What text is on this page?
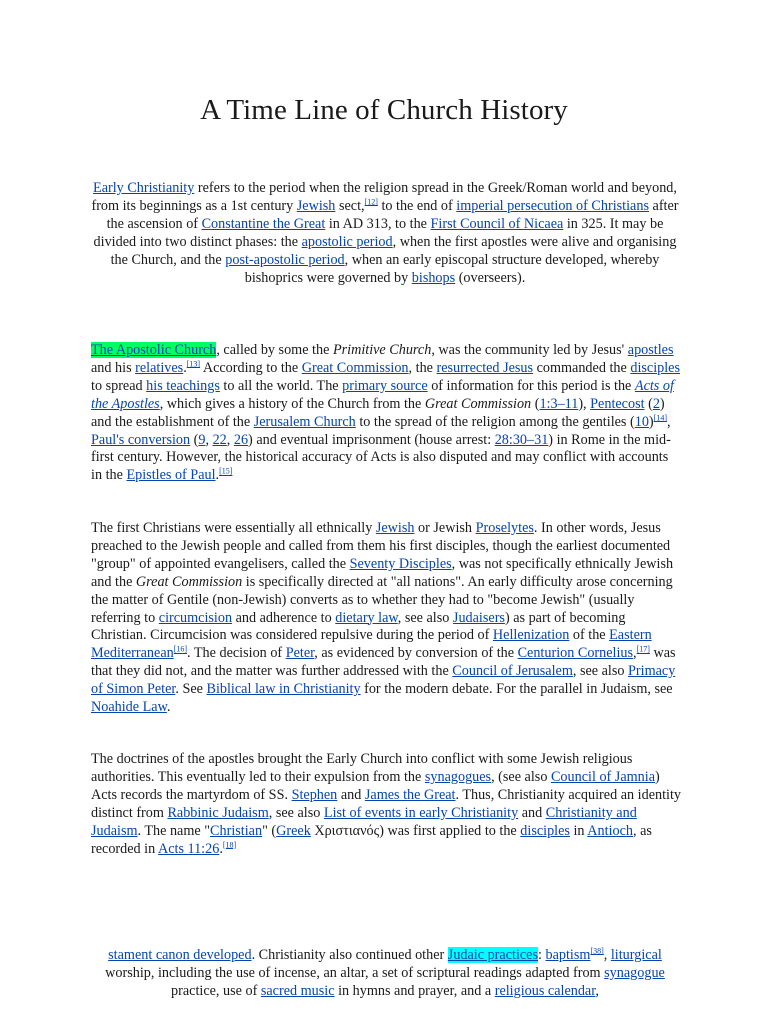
A Time Line of Church History

Early Christianity refers to the period when the religion spread in the Greek/Roman world and beyond, from its beginnings as a 1st century Jewish sect,[12] to the end of imperial persecution of Christians after the ascension of Constantine the Great in AD 313, to the First Council of Nicaea in 325. It may be divided into two distinct phases: the apostolic period, when the first apostles were alive and organising the Church, and the post-apostolic period, when an early episcopal structure developed, whereby bishoprics were governed by bishops (overseers).

The Apostolic Church, called by some the Primitive Church, was the community led by Jesus' apostles and his relatives.[13] According to the Great Commission, the resurrected Jesus commanded the disciples to spread his teachings to all the world. The primary source of information for this period is the Acts of the Apostles, which gives a history of the Church from the Great Commission (1:3–11), Pentecost (2) and the establishment of the Jerusalem Church to the spread of the religion among the gentiles (10)[14], Paul's conversion (9, 22, 26) and eventual imprisonment (house arrest: 28:30–31) in Rome in the mid-first century. However, the historical accuracy of Acts is also disputed and may conflict with accounts in the Epistles of Paul.[15]

The first Christians were essentially all ethnically Jewish or Jewish Proselytes. In other words, Jesus preached to the Jewish people and called from them his first disciples, though the earliest documented "group" of appointed evangelisers, called the Seventy Disciples, was not specifically ethnically Jewish and the Great Commission is specifically directed at "all nations". An early difficulty arose concerning the matter of Gentile (non-Jewish) converts as to whether they had to "become Jewish" (usually referring to circumcision and adherence to dietary law, see also Judaisers) as part of becoming Christian. Circumcision was considered repulsive during the period of Hellenization of the Eastern Mediterranean[16]. The decision of Peter, as evidenced by conversion of the Centurion Cornelius,[17] was that they did not, and the matter was further addressed with the Council of Jerusalem, see also Primacy of Simon Peter. See Biblical law in Christianity for the modern debate. For the parallel in Judaism, see Noahide Law.

The doctrines of the apostles brought the Early Church into conflict with some Jewish religious authorities. This eventually led to their expulsion from the synagogues, (see also Council of Jamnia) Acts records the martyrdom of SS. Stephen and James the Great. Thus, Christianity acquired an identity distinct from Rabbinic Judaism, see also List of events in early Christianity and Christianity and Judaism. The name "Christian" (Greek Χριστιανός) was first applied to the disciples in Antioch, as recorded in Acts 11:26.[18]

stament canon developed. Christianity also continued other Judaic practices: baptism[38], liturgical worship, including the use of incense, an altar, a set of scriptural readings adapted from synagogue practice, use of sacred music in hymns and prayer, and a religious calendar,
